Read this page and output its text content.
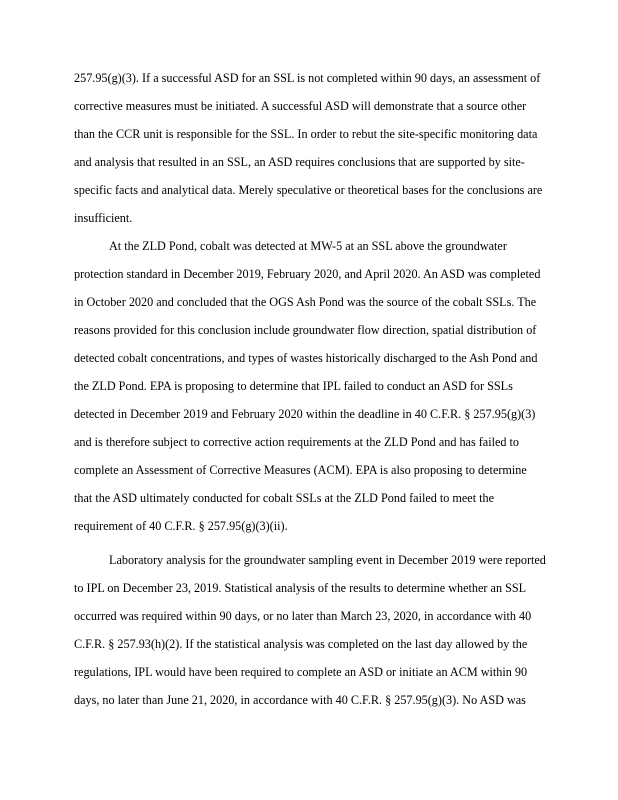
257.95(g)(3). If a successful ASD for an SSL is not completed within 90 days, an assessment of
corrective measures must be initiated. A successful ASD will demonstrate that a source other
than the CCR unit is responsible for the SSL. In order to rebut the site-specific monitoring data
and analysis that resulted in an SSL, an ASD requires conclusions that are supported by site-
specific facts and analytical data. Merely speculative or theoretical bases for the conclusions are
insufficient.
At the ZLD Pond, cobalt was detected at MW-5 at an SSL above the groundwater
protection standard in December 2019, February 2020, and April 2020. An ASD was completed
in October 2020 and concluded that the OGS Ash Pond was the source of the cobalt SSLs. The
reasons provided for this conclusion include groundwater flow direction, spatial distribution of
detected cobalt concentrations, and types of wastes historically discharged to the Ash Pond and
the ZLD Pond. EPA is proposing to determine that IPL failed to conduct an ASD for SSLs
detected in December 2019 and February 2020 within the deadline in 40 C.F.R. § 257.95(g)(3)
and is therefore subject to corrective action requirements at the ZLD Pond and has failed to
complete an Assessment of Corrective Measures (ACM). EPA is also proposing to determine
that the ASD ultimately conducted for cobalt SSLs at the ZLD Pond failed to meet the
requirement of 40 C.F.R. § 257.95(g)(3)(ii).
Laboratory analysis for the groundwater sampling event in December 2019 were reported
to IPL on December 23, 2019. Statistical analysis of the results to determine whether an SSL
occurred was required within 90 days, or no later than March 23, 2020, in accordance with 40
C.F.R. § 257.93(h)(2). If the statistical analysis was completed on the last day allowed by the
regulations, IPL would have been required to complete an ASD or initiate an ACM within 90
days, no later than June 21, 2020, in accordance with 40 C.F.R. § 257.95(g)(3). No ASD was
